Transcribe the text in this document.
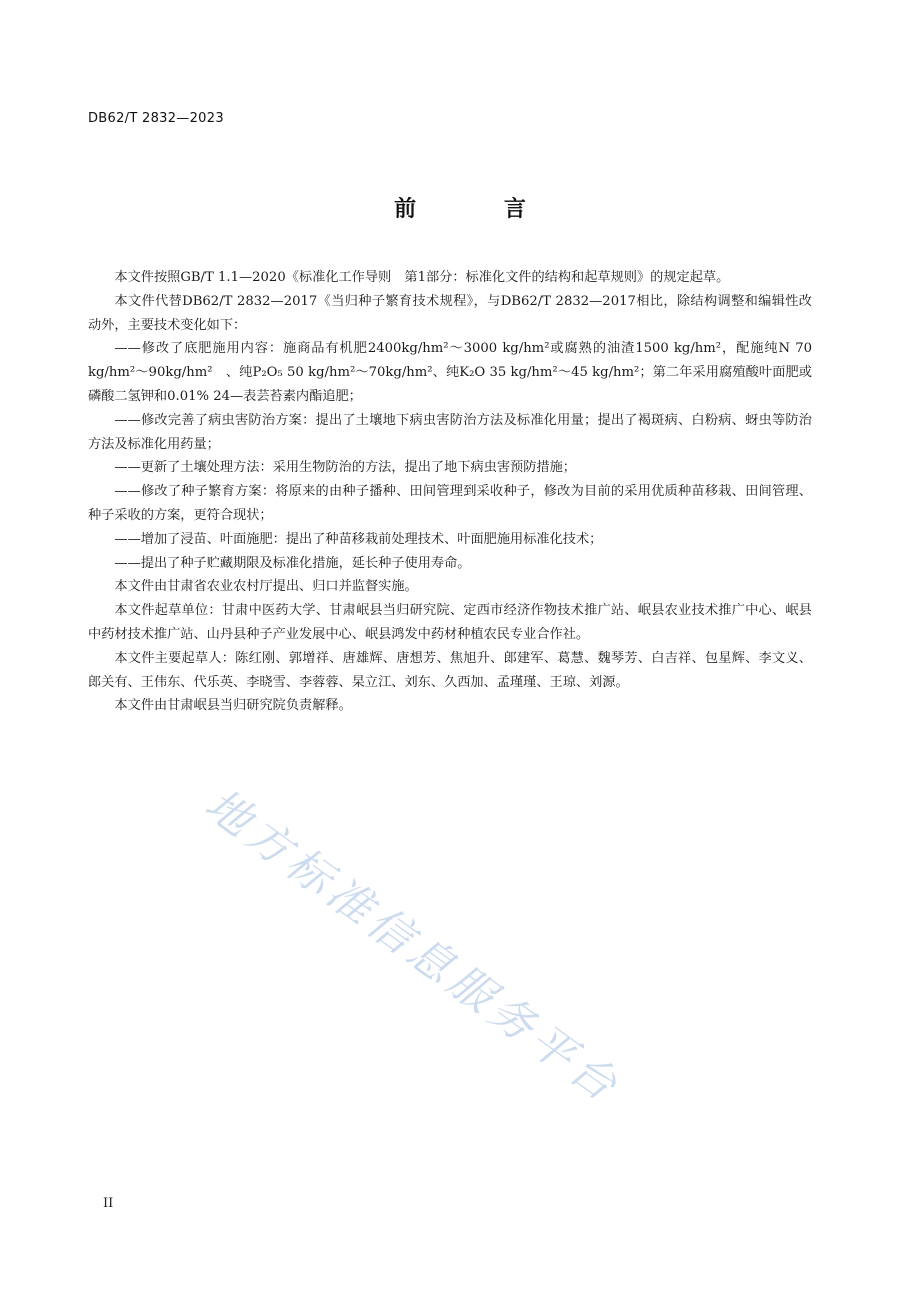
DB62/T 2832—2023
前 言

本文件按照GB/T 1.1—2020《标准化工作导则　第1部分：标准化文件的结构和起草规则》的规定起草。

本文件代替DB62/T 2832—2017《当归种子繁育技术规程》，与DB62/T 2832—2017相比，除结构调整和编辑性改动外，主要技术变化如下：

——修改了底肥施用内容：施商品有机肥2400kg/hm²～3000 kg/hm²或腐熟的油渣1500 kg/hm²，配施纯N 70 kg/hm²～90kg/hm²　、纯P₂O₅ 50 kg/hm²～70kg/hm²、纯K₂O 35 kg/hm²～45 kg/hm²；第二年采用腐殖酸叶面肥或磷酸二氢钾和0.01% 24—表芸苔素内酯追肥；

——修改完善了病虫害防治方案：提出了土壤地下病虫害防治方法及标准化用量；提出了褐斑病、白粉病、蚜虫等防治方法及标准化用药量；

——更新了土壤处理方法：采用生物防治的方法，提出了地下病虫害预防措施；

——修改了种子繁育方案：将原来的由种子播种、田间管理到采收种子，修改为目前的采用优质种苗移栽、田间管理、种子采收的方案，更符合现状；

——增加了浸苗、叶面施肥：提出了种苗移栽前处理技术、叶面肥施用标准化技术；

——提出了种子贮藏期限及标准化措施，延长种子使用寿命。

本文件由甘肃省农业农村厅提出、归口并监督实施。

本文件起草单位：甘肃中医药大学、甘肃岷县当归研究院、定西市经济作物技术推广站、岷县农业技术推广中心、岷县中药材技术推广站、山丹县种子产业发展中心、岷县鸿发中药材种植农民专业合作社。

本文件主要起草人：陈红刚、郭增祥、唐雄辉、唐想芳、焦旭升、郎建军、葛慧、魏琴芳、白吉祥、包星辉、李文义、郎关有、王伟东、代乐英、李晓雪、李蓉蓉、杲立江、刘东、久西加、孟瑾瑾、王琼、刘源。

本文件由甘肃岷县当归研究院负责解释。

地方标准信息服务平台
II
